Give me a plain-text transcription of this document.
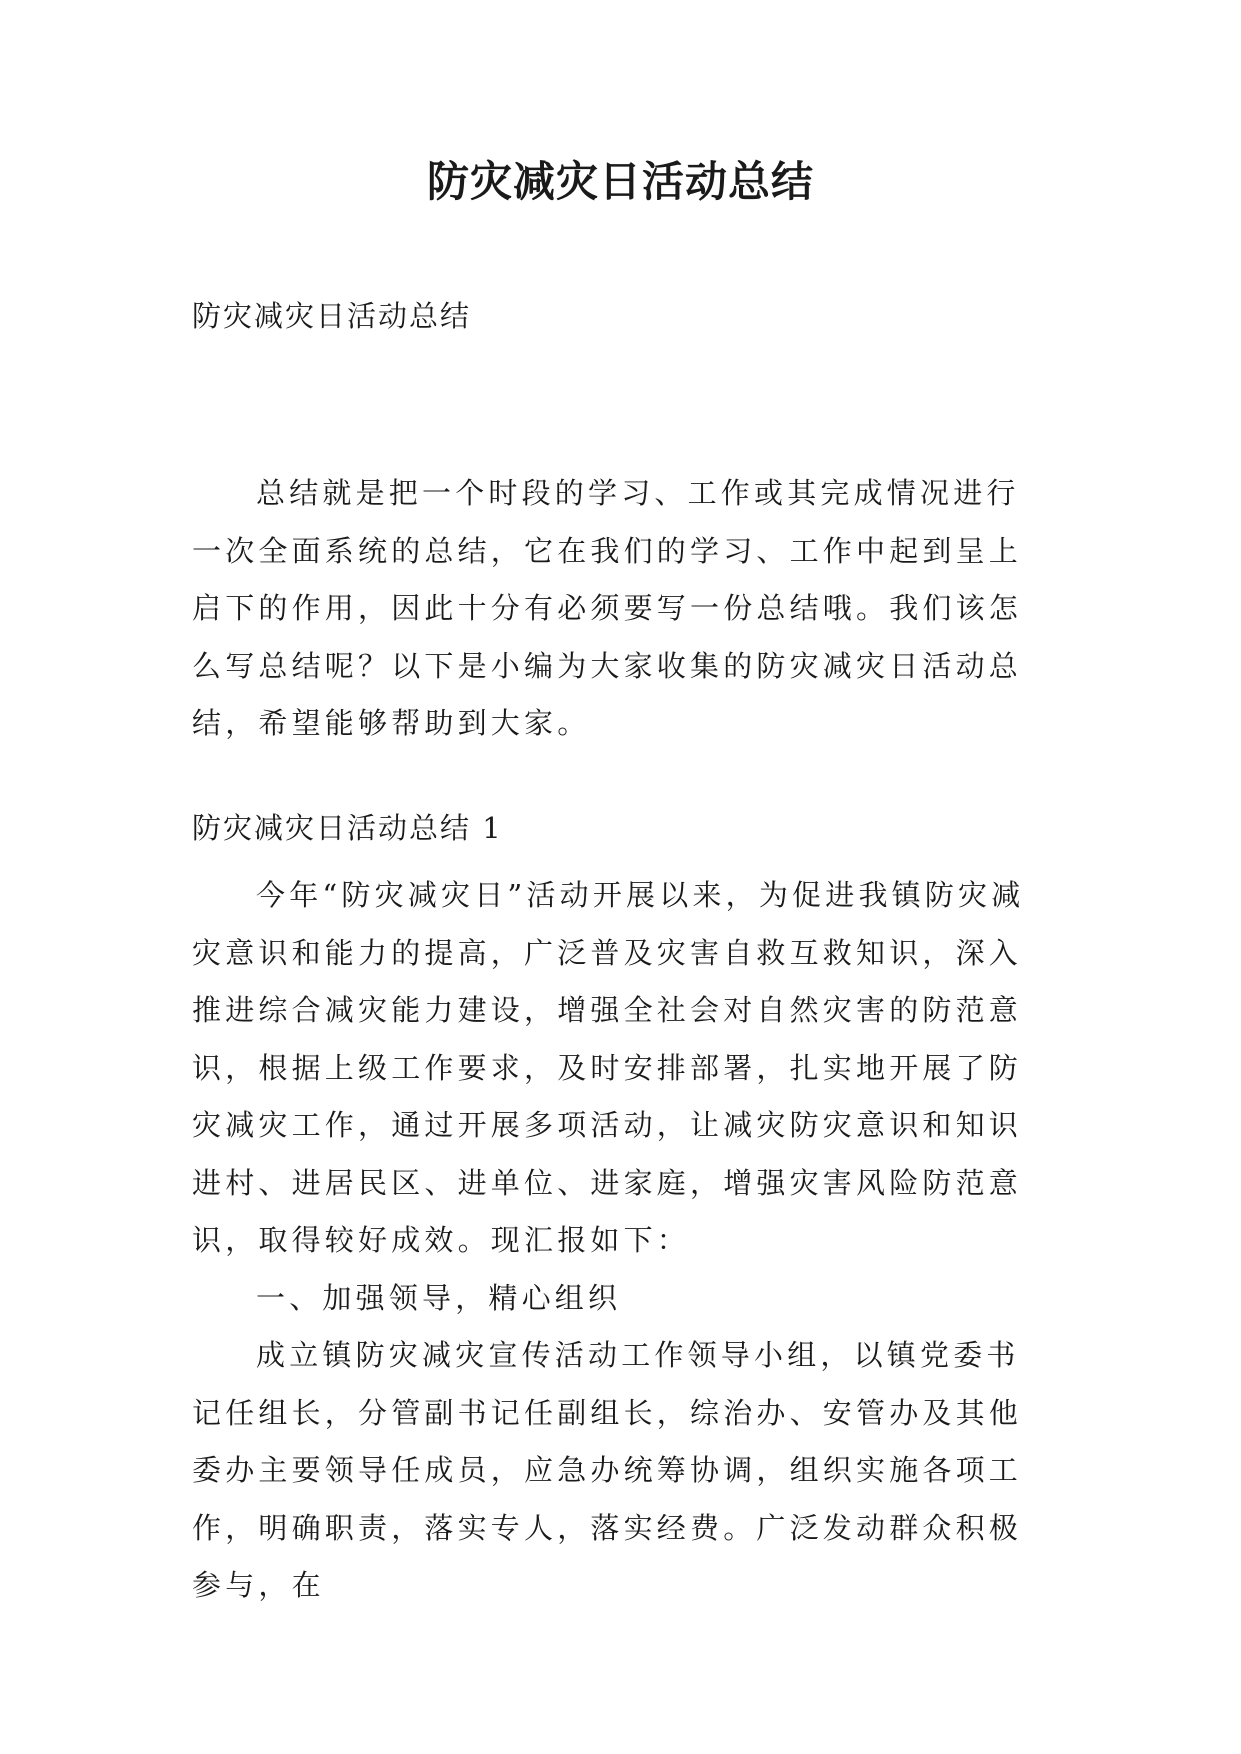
防灾减灾日活动总结

防灾减灾日活动总结

总结就是把一个时段的学习、工作或其完成情况进行一次全面系统的总结，它在我们的学习、工作中起到呈上启下的作用，因此十分有必须要写一份总结哦。我们该怎么写总结呢？以下是小编为大家收集的防灾减灾日活动总结，希望能够帮助到大家。

防灾减灾日活动总结 1

今年“防灾减灾日”活动开展以来，为促进我镇防灾减灾意识和能力的提高，广泛普及灾害自救互救知识，深入推进综合减灾能力建设，增强全社会对自然灾害的防范意识，根据上级工作要求，及时安排部署，扎实地开展了防灾减灾工作，通过开展多项活动，让减灾防灾意识和知识进村、进居民区、进单位、进家庭，增强灾害风险防范意识，取得较好成效。现汇报如下：

一、加强领导，精心组织

成立镇防灾减灾宣传活动工作领导小组，以镇党委书记任组长，分管副书记任副组长，综治办、安管办及其他委办主要领导任成员，应急办统筹协调，组织实施各项工作，明确职责，落实专人，落实经费。广泛发动群众积极参与，在
